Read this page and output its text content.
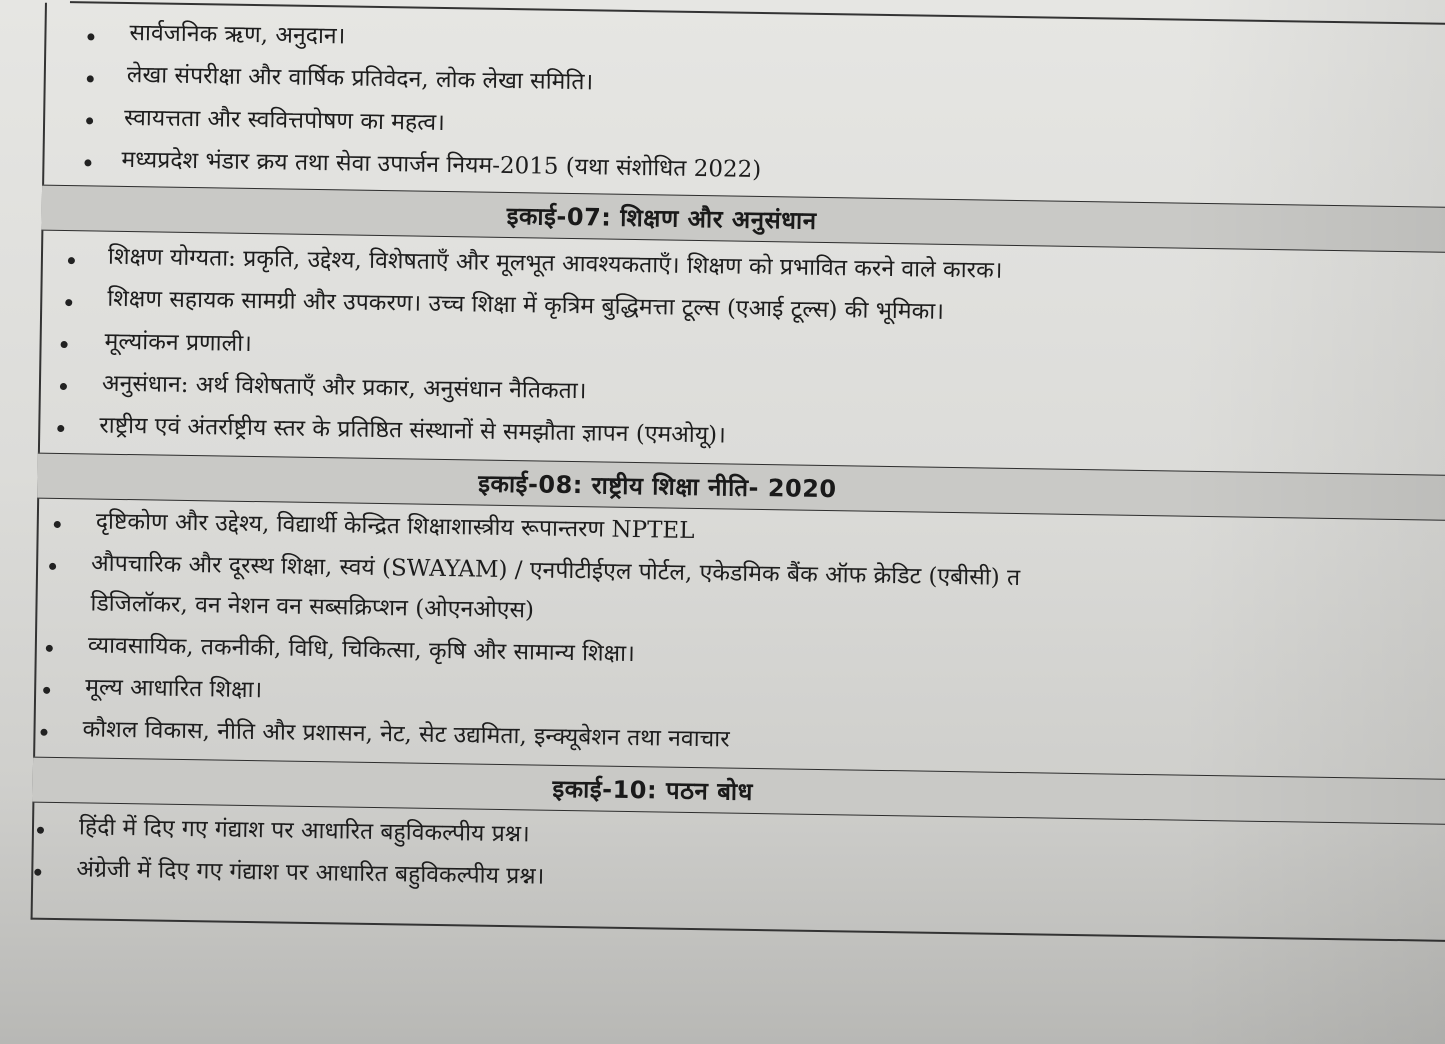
सार्वजनिक ऋण, अनुदान।
लेखा संपरीक्षा और वार्षिक प्रतिवेदन, लोक लेखा समिति।
स्वायत्तता और स्ववित्तपोषण का महत्व।
मध्यप्रदेश भंडार क्रय तथा सेवा उपार्जन नियम-2015 (यथा संशोधित 2022)
इकाई-07: शिक्षण और अनुसंधान
शिक्षण योग्यता: प्रकृति, उद्देश्य, विशेषताएँ और मूलभूत आवश्यकताएँ। शिक्षण को प्रभावित करने वाले कारक।
शिक्षण सहायक सामग्री और उपकरण। उच्च शिक्षा में कृत्रिम बुद्धिमत्ता टूल्स (एआई टूल्स) की भूमिका।
मूल्यांकन प्रणाली।
अनुसंधान: अर्थ विशेषताएँ और प्रकार, अनुसंधान नैतिकता।
राष्ट्रीय एवं अंतर्राष्ट्रीय स्तर के प्रतिष्ठित संस्थानों से समझौता ज्ञापन (एमओयू)।
इकाई-08: राष्ट्रीय शिक्षा नीति- 2020
दृष्टिकोण और उद्देश्य, विद्यार्थी केन्द्रित शिक्षाशास्त्रीय रूपान्तरण NPTEL
औपचारिक और दूरस्थ शिक्षा, स्वयं (SWAYAM) / एनपीटीईएल पोर्टल, एकेडमिक बैंक ऑफ क्रेडिट (एबीसी) त
डिजिलॉकर, वन नेशन वन सब्सक्रिप्शन (ओएनओएस)
व्यावसायिक, तकनीकी, विधि, चिकित्सा, कृषि और सामान्य शिक्षा।
मूल्य आधारित शिक्षा।
कौशल विकास, नीति और प्रशासन, नेट, सेट उद्यमिता, इन्क्यूबेशन तथा नवाचार
इकाई-10: पठन बोध
हिंदी में दिए गए गंद्याश पर आधारित बहुविकल्पीय प्रश्न।
अंग्रेजी में दिए गए गंद्याश पर आधारित बहुविकल्पीय प्रश्न।
